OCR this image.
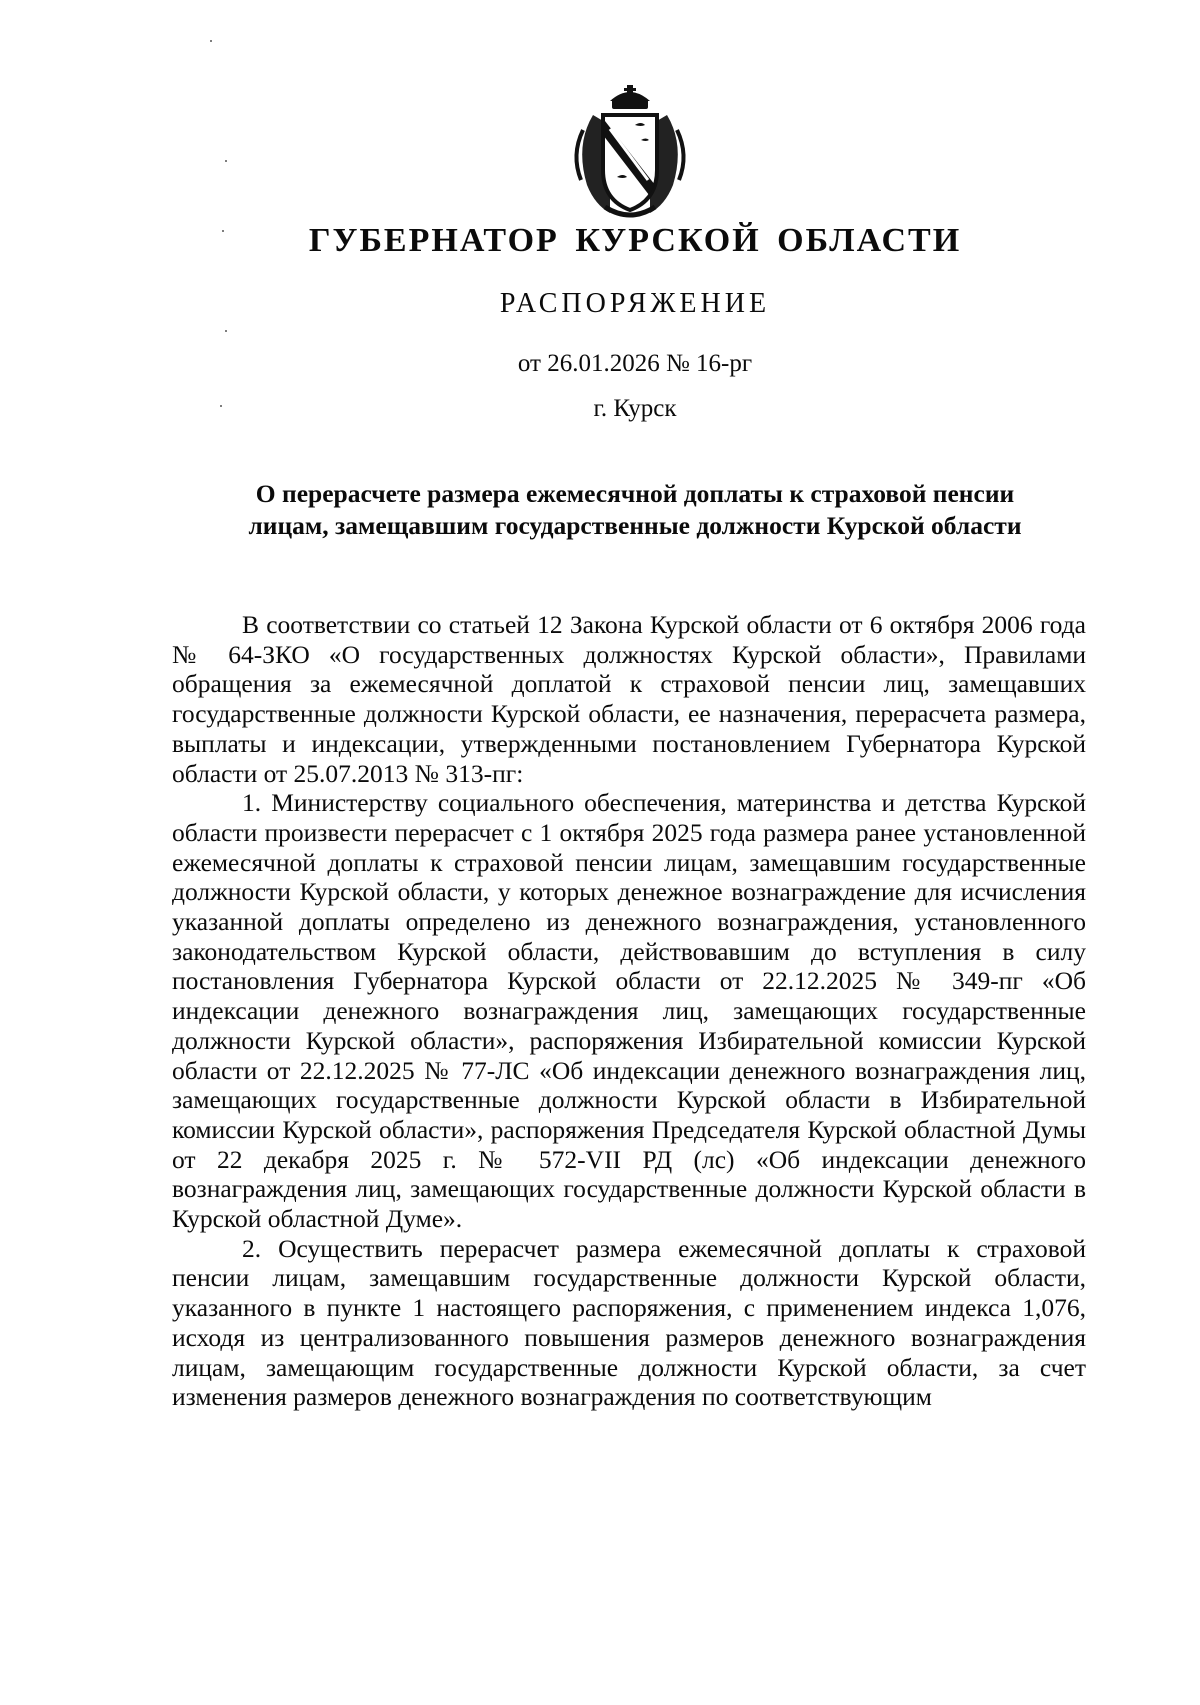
ГУБЕРНАТОР КУРСКОЙ ОБЛАСТИ
РАСПОРЯЖЕНИЕ
от 26.01.2026 № 16-рг
г. Курск
О перерасчете размера ежемесячной доплаты к страховой пенсии
лицам, замещавшим государственные должности Курской области

В соответствии со статьей 12 Закона Курской области от 6 октября 2006 года № 64-ЗКО «О государственных должностях Курской области», Правилами обращения за ежемесячной доплатой к страховой пенсии лиц, замещавших государственные должности Курской области, ее назначения, перерасчета размера, выплаты и индексации, утвержденными постановлением Губернатора Курской области от 25.07.2013 № 313-пг:

1. Министерству социального обеспечения, материнства и детства Курской области произвести перерасчет с 1 октября 2025 года размера ранее установленной ежемесячной доплаты к страховой пенсии лицам, замещавшим государственные должности Курской области, у которых денежное вознаграждение для исчисления указанной доплаты определено из денежного вознаграждения, установленного законодательством Курской области, действовавшим до вступления в силу постановления Губернатора Курской области от 22.12.2025 № 349-пг «Об индексации денежного вознаграждения лиц, замещающих государственные должности Курской области», распоряжения Избирательной комиссии Курской области от 22.12.2025 № 77-ЛС «Об индексации денежного вознаграждения лиц, замещающих государственные должности Курской области в Избирательной комиссии Курской области», распоряжения Председателя Курской областной Думы от 22 декабря 2025 г. № 572-VII РД (лс) «Об индексации денежного вознаграждения лиц, замещающих государственные должности Курской области в Курской областной Думе».

2. Осуществить перерасчет размера ежемесячной доплаты к страховой пенсии лицам, замещавшим государственные должности Курской области, указанного в пункте 1 настоящего распоряжения, с применением индекса 1,076, исходя из централизованного повышения размеров денежного вознаграждения лицам, замещающим государственные должности Курской области, за счет изменения размеров денежного вознаграждения по соответствующим
